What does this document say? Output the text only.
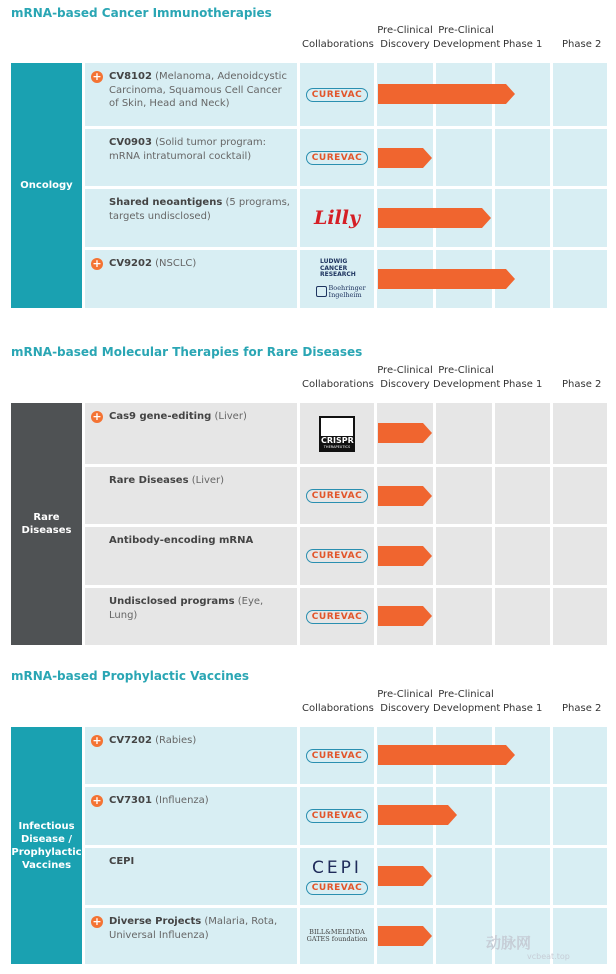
mRNA-based Cancer Immunotherapies
Collaborations
Pre-Clinical
Discovery
Pre-Clinical
Development Phase 1 Phase 2
Oncology
+ CV8102 (Melanoma, Adenoidcystic Carcinoma, Squamous Cell Cancer of Skin, Head and Neck)
CV0903 (Solid tumor program: mRNA intratumoral cocktail)
Shared neoantigens (5 programs, targets undisclosed)
+ CV9202 (NSCLC)
CUREVAC
CUREVAC
Lilly
LUDWIG CANCER RESEARCH
Boehringer Ingelheim
mRNA-based Molecular Therapies for Rare Diseases
Collaborations
Pre-Clinical
Discovery
Pre-Clinical
Development Phase 1 Phase 2
Rare Diseases
+ Cas9 gene-editing (Liver)
Rare Diseases (Liver)
Antibody-encoding mRNA
Undisclosed programs (Eye, Lung)
CRISPR
THERAPEUTICS
CUREVAC
CUREVAC
CUREVAC
mRNA-based Prophylactic Vaccines
Collaborations
Pre-Clinical
Discovery
Pre-Clinical
Development Phase 1 Phase 2
Infectious Disease / Prophylactic Vaccines
+ CV7202 (Rabies)
+ CV7301 (Influenza)
CEPI
+ Diverse Projects (Malaria, Rota, Universal Influenza)
CUREVAC
CUREVAC
CEPI
CUREVAC
BILL&MELINDA
GATES foundation	动脉网
vcbeat.top
